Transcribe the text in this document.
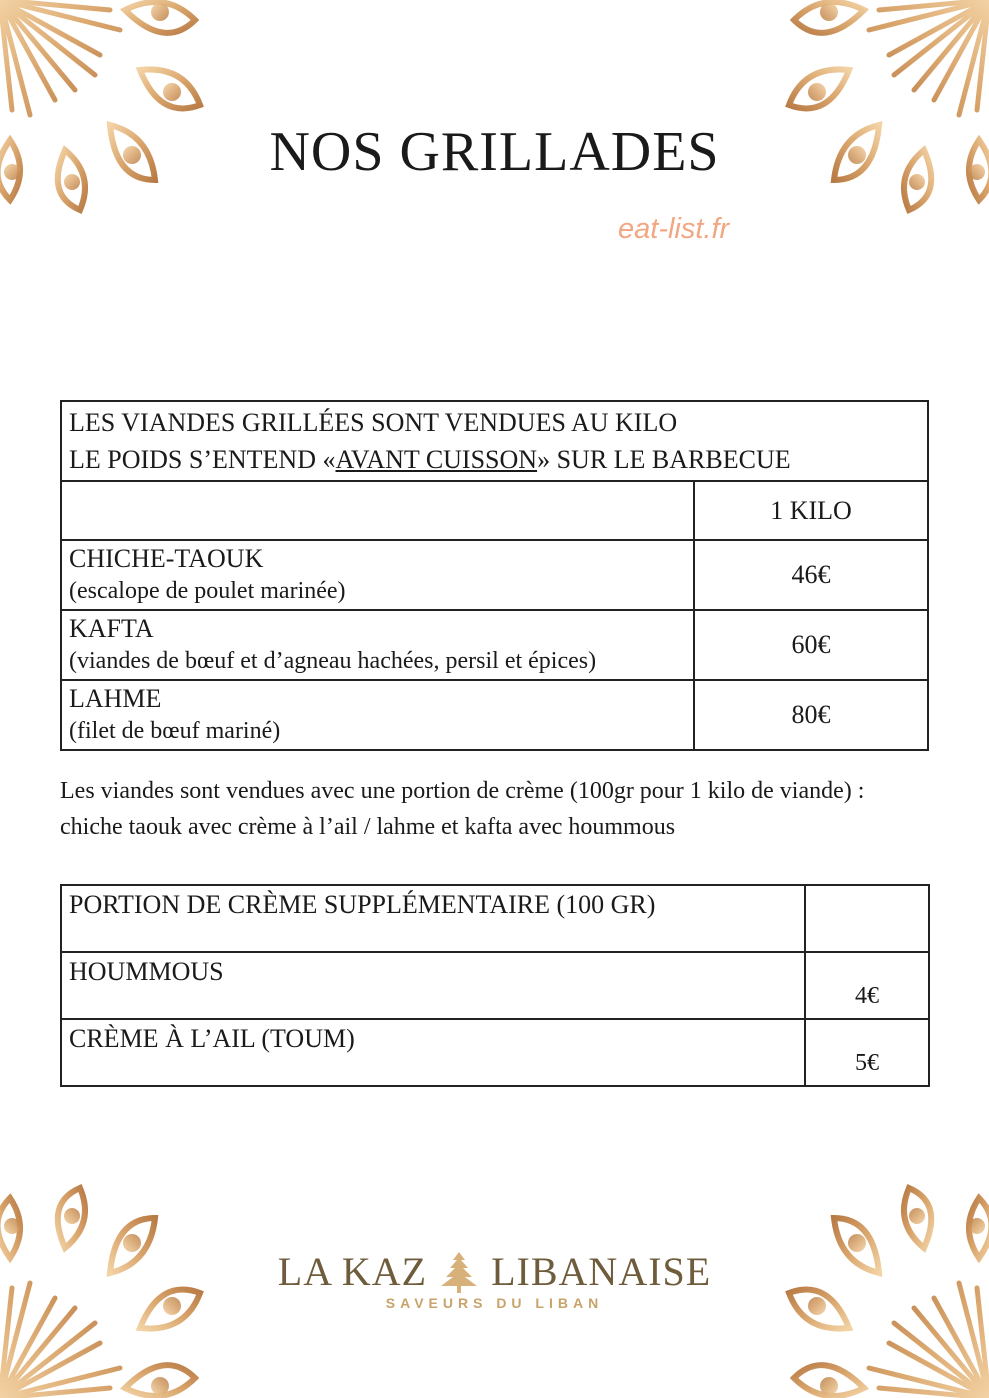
NOS GRILLADES
eat-list.fr
LES VIANDES GRILLÉES SONT VENDUES AU KILO
LE POIDS S’ENTEND «AVANT CUISSON» SUR LE BARBECUE	

	1 KILO

CHICHE-TAOUK
(escalope de poulet marinée)	46€

KAFTA
(viandes de bœuf et d’agneau hachées, persil et épices)	60€

LAHME
(filet de bœuf mariné)	80€
Les viandes sont vendues avec une portion de crème (100gr pour 1 kilo de viande) : chiche taouk avec crème à l’ail / lahme et kafta avec hoummous
PORTION DE CRÈME SUPPLÉMENTAIRE (100 GR)	
HOUMMOUS	4€
CRÈME À L’AIL (TOUM)	5€
LA KAZ LIBANAISE
SAVEURS DU LIBAN
